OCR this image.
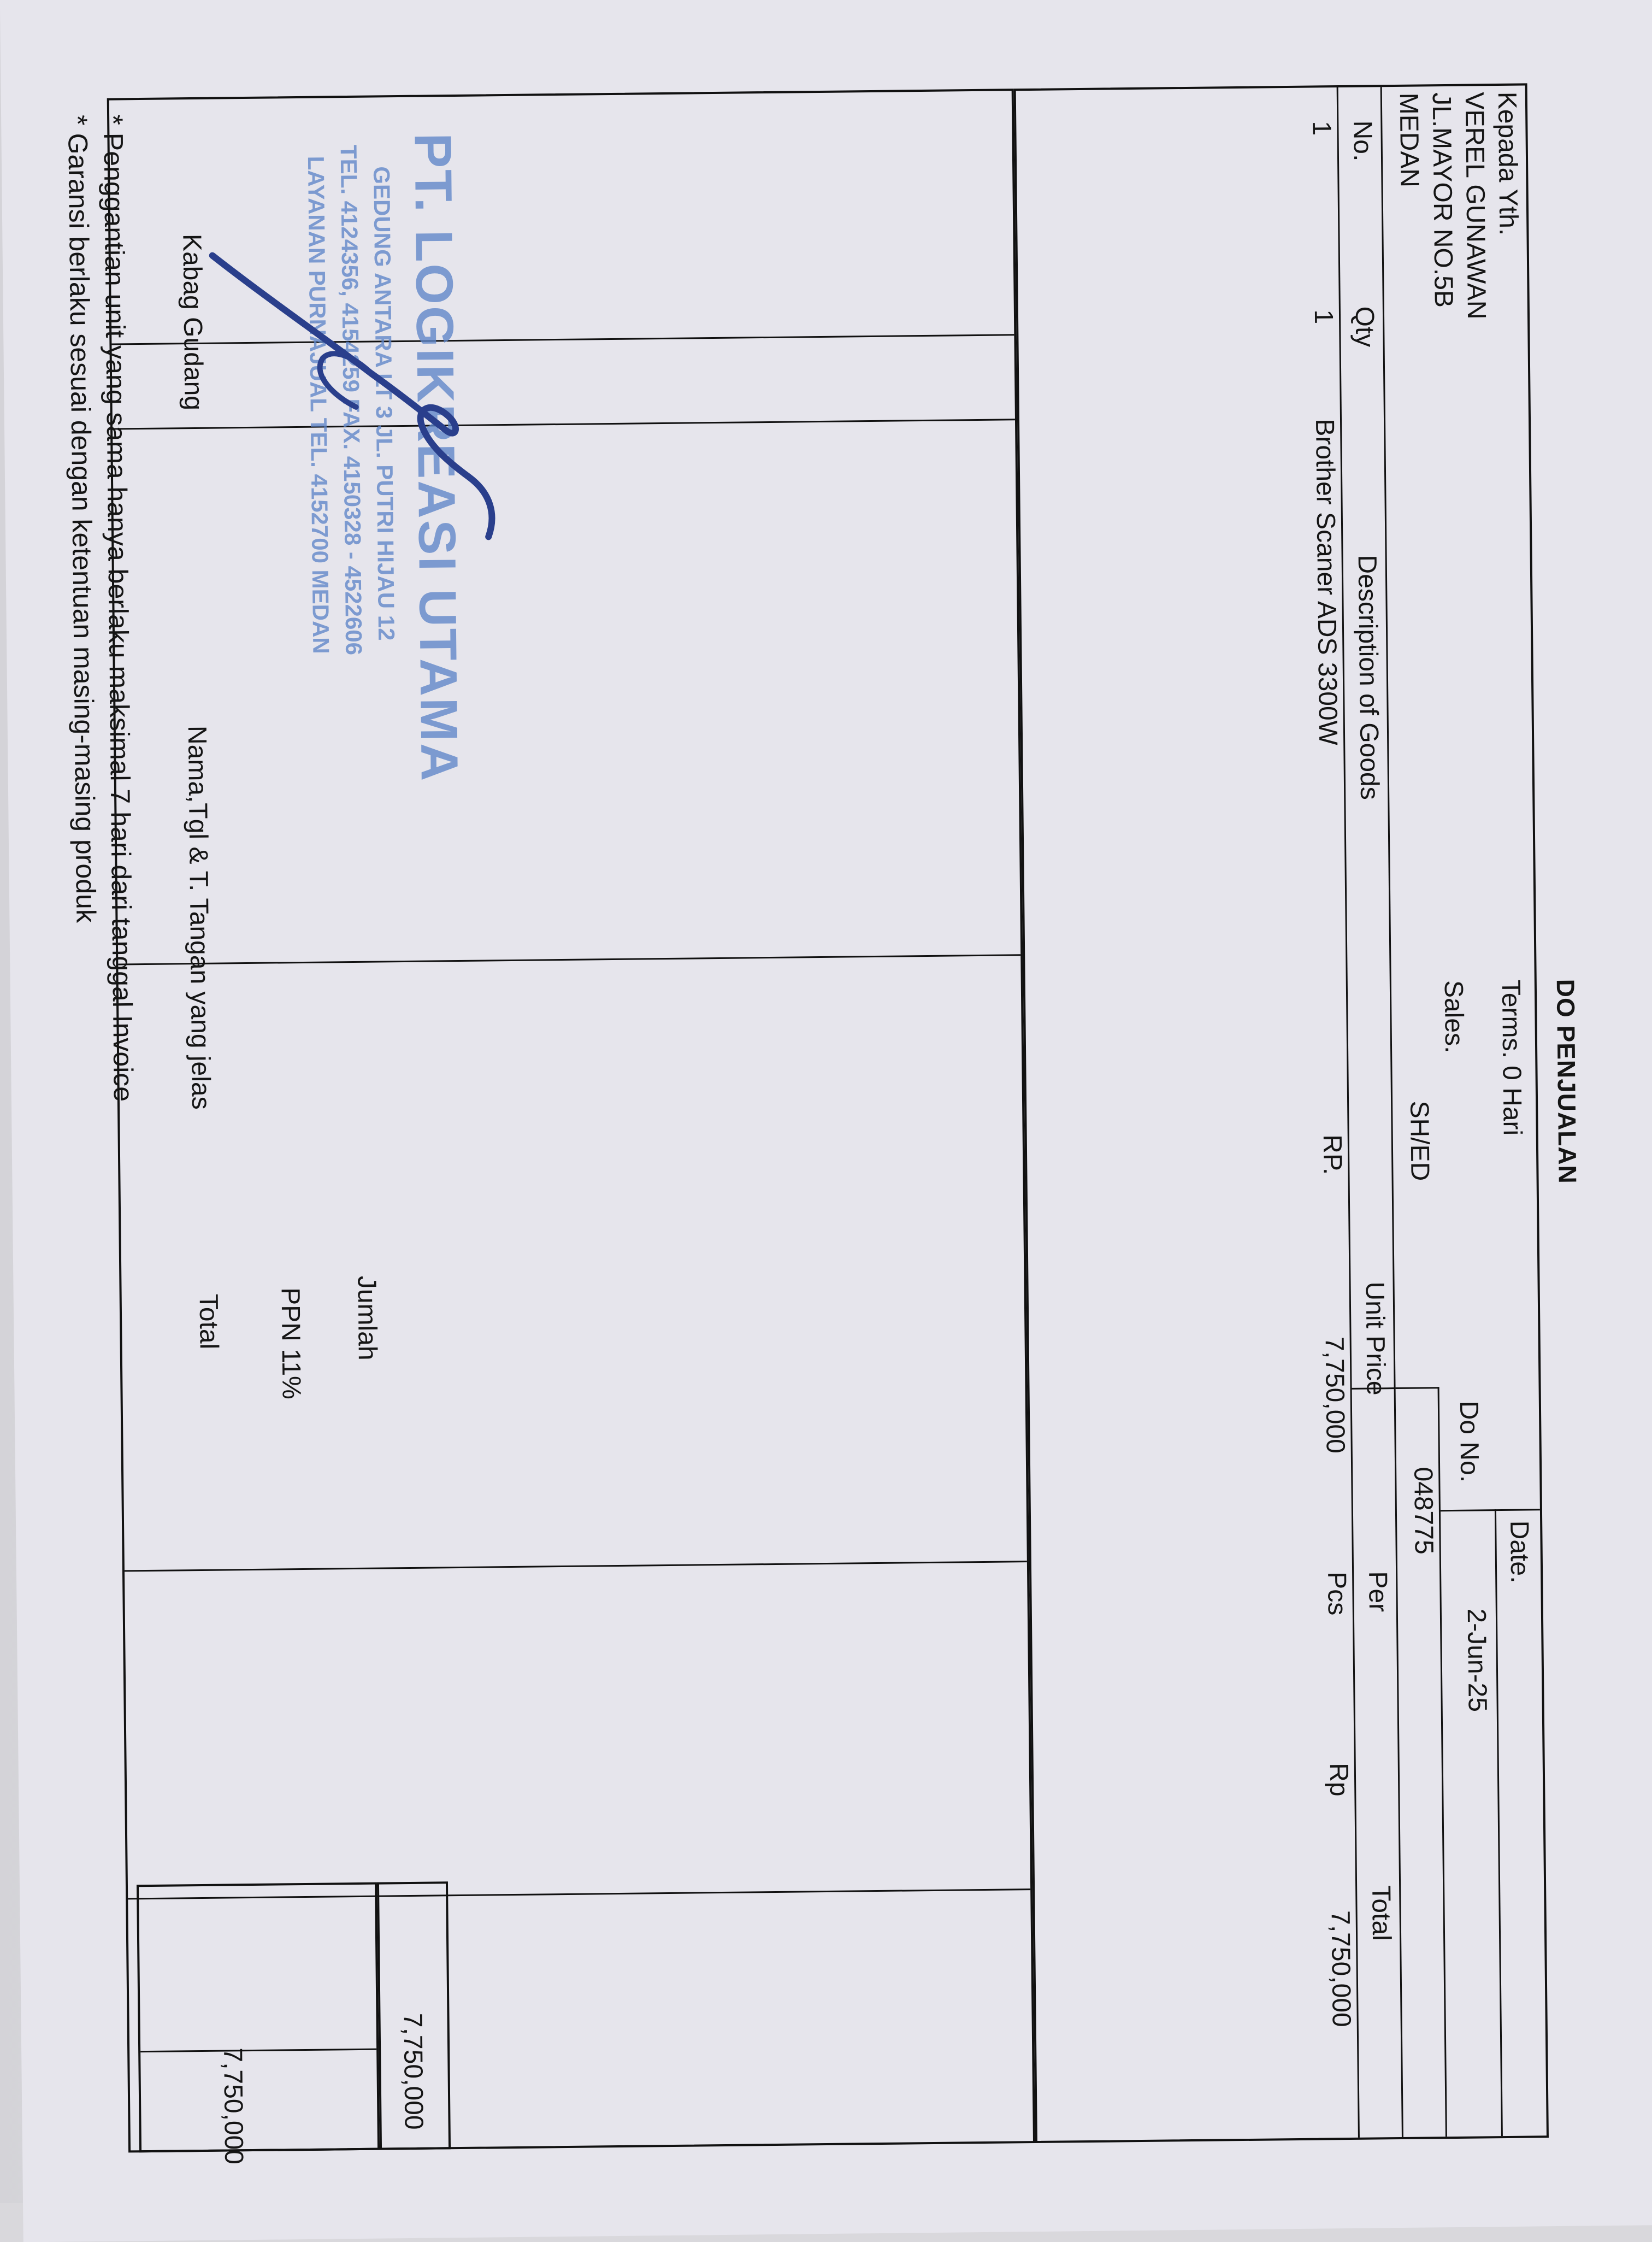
DO PENJUALAN
Kepada Yth.
VEREL GUNAWAN
JL.MAYOR NO.5B
MEDAN
Terms. 0 Hari
Sales.
SH/ED
Date.
2-Jun-25
Do No.
048775
No.
Qty
Description of Goods
Unit Price
Per
Total
1
1
Brother Scaner ADS 3300W
RP.
7,750,000
Pcs
Rp
7,750,000
Jumlah
7,750,000
PPN 11%
Total
7,750,000
PT. LOGIKREASI UTAMA
GEDUNG ANTARA LT 3 JL. PUTRI HIJAU 12
TEL. 4124356, 4154259 FAX. 4150328 - 4522606
LAYANAN PURNAJUAL TEL. 4152700 MEDAN
Kabag Gudang
Nama,Tgl & T. Tangan yang jelas
* Penggantian unit yang sama hanya berlaku maksimal 7 hari dari tanggal Invoice
* Garansi berlaku sesuai dengan ketentuan masing-masing produk
